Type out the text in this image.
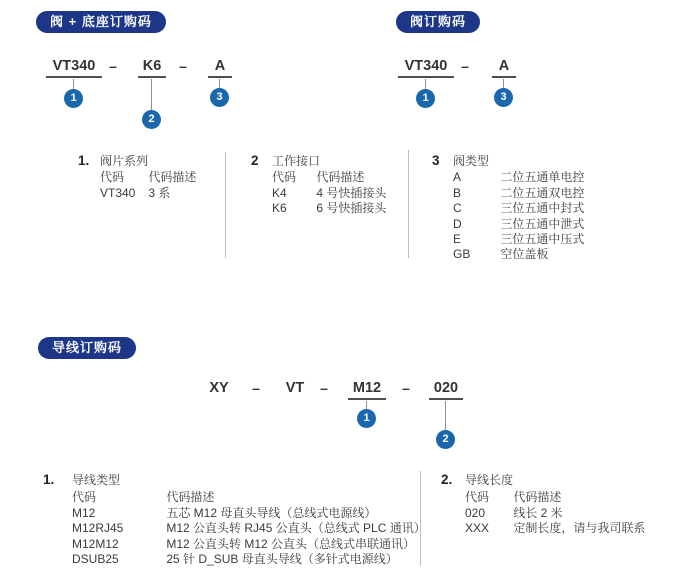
阀 + 底座订购码
VT340 –	K6	–	A
1
2
3
阀订购码
VT340 –	A
1	3
1. 阀片系列
代码 代码描述
VT340 3 系
2	工作接口
代码 代码描述
K4 4 号快插接头
K6 6 号快插接头
3	阀类型
A	二位五通单电控
B	二位五通双电控
C	三位五通中封式
D	三位五通中泄式
E	三位五通中压式
GB	空位盖板
导线订购码
XY – VT –	M12	–	020
1
2
1.	导线类型
代码	代码描述
M12	五芯 M12 母直头导线（总线式电源线）
M12RJ45	M12 公直头转 RJ45 公直头（总线式 PLC 通讯）
M12M12	M12 公直头转 M12 公直头（总线式串联通讯）
DSUB25	25 针 D_SUB 母直头导线（多针式电源线）
2.	导线长度
代码 代码描述
020 线长 2 米
XXX 定制长度，请与我司联系
